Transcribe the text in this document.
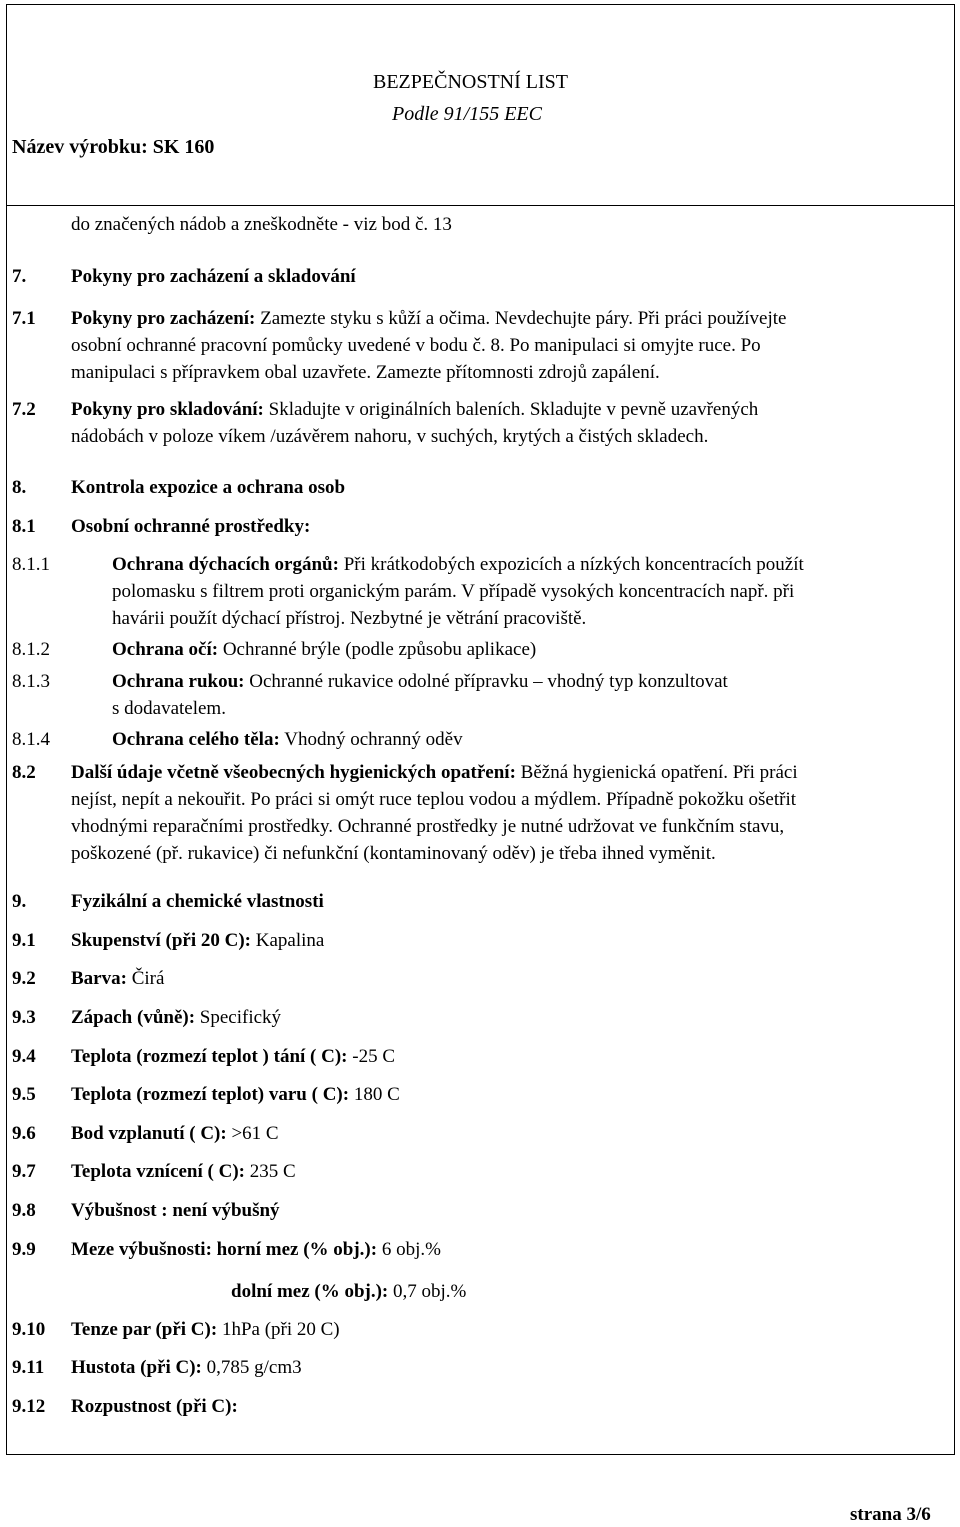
BEZPEČNOSTNÍ LIST
Podle 91/155 EEC
Název výrobku: SK 160
do značených nádob a zneškodněte - viz bod č. 13
7. Pokyny pro zacházení a skladování
7.1 Pokyny pro zacházení: Zamezte styku s kůží a očima. Nevdechujte páry. Při práci používejte
osobní ochranné pracovní pomůcky uvedené v bodu č. 8. Po manipulaci si omyjte ruce. Po
manipulaci s přípravkem obal uzavřete. Zamezte přítomnosti zdrojů zapálení.
7.2 Pokyny pro skladování: Skladujte v originálních baleních. Skladujte v pevně uzavřených
nádobách v poloze víkem /uzávěrem nahoru, v suchých, krytých a čistých skladech.
8. Kontrola expozice a ochrana osob
8.1 Osobní ochranné prostředky:
8.1.1	Ochrana dýchacích orgánů: Při krátkodobých expozicích a nízkých koncentracích použít
polomasku s filtrem proti organickým parám. V případě vysokých koncentracích např. při
havárii použít dýchací přístroj. Nezbytné je větrání pracoviště.
8.1.2	Ochrana očí: Ochranné brýle (podle způsobu aplikace)
8.1.3	Ochrana rukou: Ochranné rukavice odolné přípravku – vhodný typ konzultovat
s dodavatelem.
8.1.4	Ochrana celého těla: Vhodný ochranný oděv
8.2 Další údaje včetně všeobecných hygienických opatření: Běžná hygienická opatření. Při práci
nejíst, nepít a nekouřit. Po práci si omýt ruce teplou vodou a mýdlem. Případně pokožku ošetřit
vhodnými reparačními prostředky. Ochranné prostředky je nutné udržovat ve funkčním stavu,
poškozené (př. rukavice) či nefunkční (kontaminovaný oděv) je třeba ihned vyměnit.
9. Fyzikální a chemické vlastnosti
9.1 Skupenství (při 20 C): Kapalina
9.2 Barva: Čirá
9.3 Zápach (vůně): Specifický
9.4 Teplota (rozmezí teplot ) tání ( C): -25 C
9.5 Teplota (rozmezí teplot) varu ( C): 180 C
9.6 Bod vzplanutí ( C): >61 C
9.7 Teplota vznícení ( C): 235 C
9.8 Výbušnost : není výbušný
9.9 Meze výbušnosti: horní mez (% obj.): 6 obj.%
dolní mez (% obj.): 0,7 obj.%
9.10 Tenze par (při C): 1hPa (při 20 C)
9.11 Hustota (při C): 0,785 g/cm3
9.12 Rozpustnost (při C):
strana 3/6
